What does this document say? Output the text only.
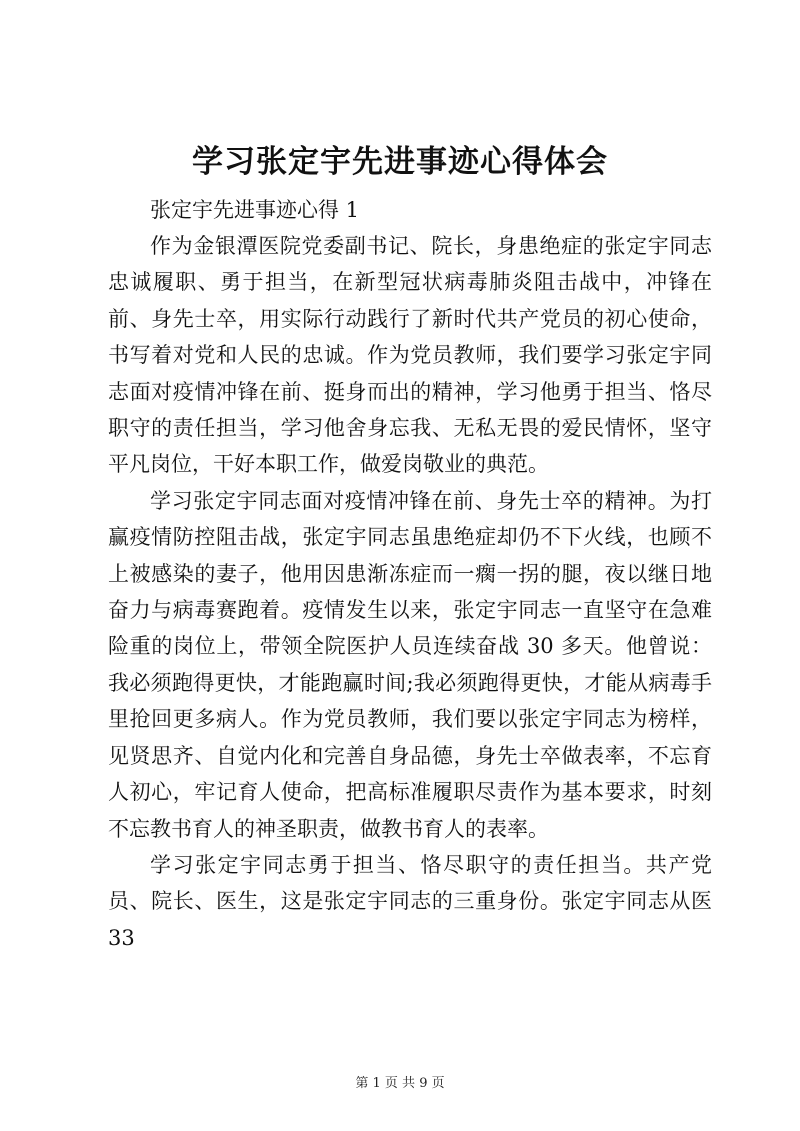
学习张定宇先进事迹心得体会

张定宇先进事迹心得 1

作为金银潭医院党委副书记、院长，身患绝症的张定宇同志忠诚履职、勇于担当，在新型冠状病毒肺炎阻击战中，冲锋在前、身先士卒，用实际行动践行了新时代共产党员的初心使命，书写着对党和人民的忠诚。作为党员教师，我们要学习张定宇同志面对疫情冲锋在前、挺身而出的精神，学习他勇于担当、恪尽职守的责任担当，学习他舍身忘我、无私无畏的爱民情怀，坚守平凡岗位，干好本职工作，做爱岗敬业的典范。

学习张定宇同志面对疫情冲锋在前、身先士卒的精神。为打赢疫情防控阻击战，张定宇同志虽患绝症却仍不下火线，也顾不上被感染的妻子，他用因患渐冻症而一瘸一拐的腿，夜以继日地奋力与病毒赛跑着。疫情发生以来，张定宇同志一直坚守在急难险重的岗位上，带领全院医护人员连续奋战 30 多天。他曾说：我必须跑得更快，才能跑赢时间;我必须跑得更快，才能从病毒手里抢回更多病人。作为党员教师，我们要以张定宇同志为榜样，见贤思齐、自觉内化和完善自身品德，身先士卒做表率，不忘育人初心，牢记育人使命，把高标准履职尽责作为基本要求，时刻不忘教书育人的神圣职责，做教书育人的表率。

学习张定宇同志勇于担当、恪尽职守的责任担当。共产党员、院长、医生，这是张定宇同志的三重身份。张定宇同志从医 33

第 1 页 共 9 页
